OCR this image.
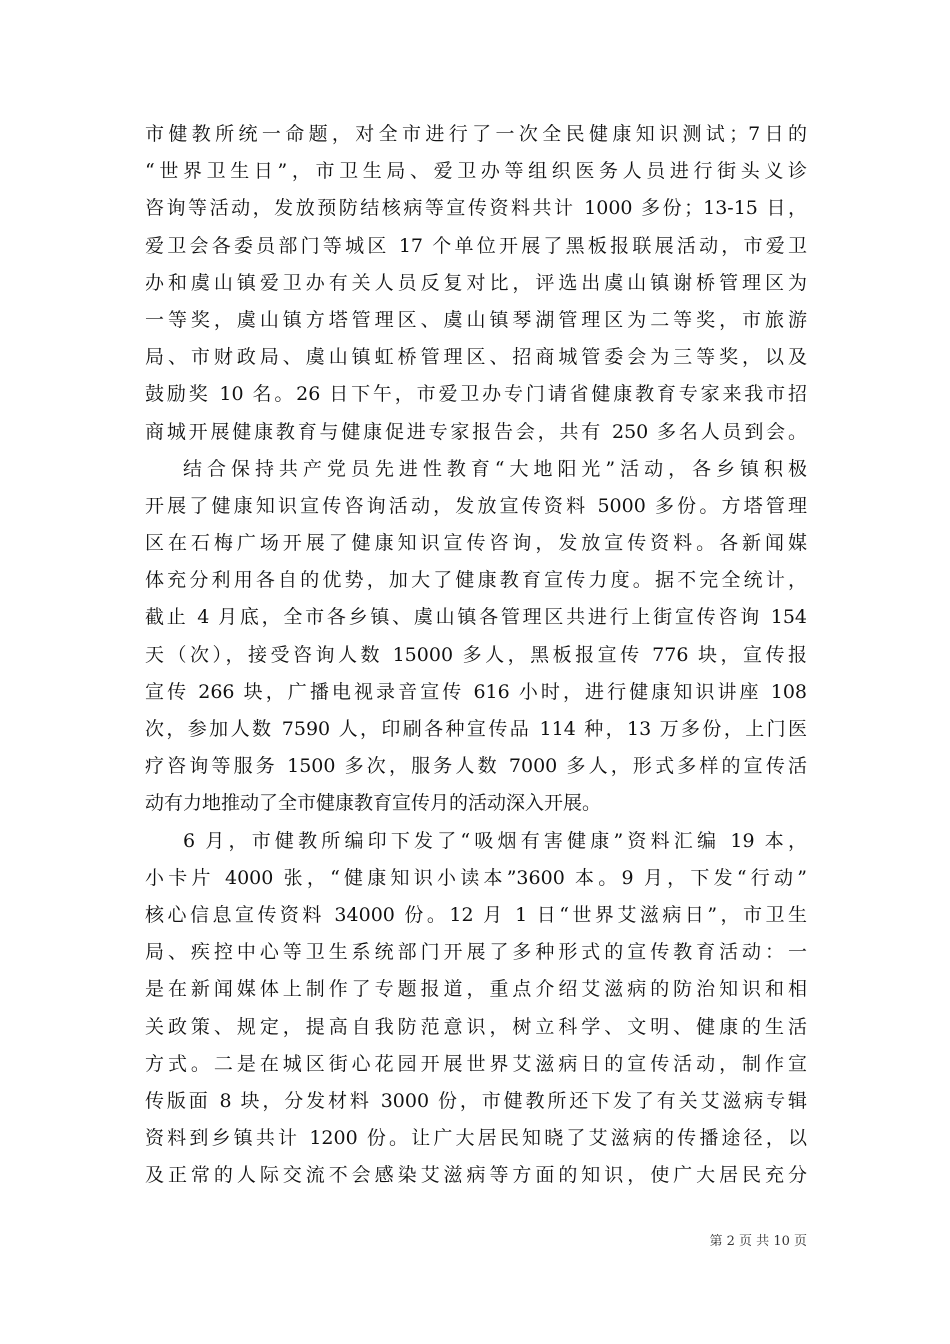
市健教所统一命题，对全市进行了一次全民健康知识测试；7日的
“世界卫生日”，市卫生局、爱卫办等组织医务人员进行街头义诊
咨询等活动，发放预防结核病等宣传资料共计 1000 多份；13-15 日，
爱卫会各委员部门等城区 17 个单位开展了黑板报联展活动，市爱卫
办和虞山镇爱卫办有关人员反复对比，评选出虞山镇谢桥管理区为
一等奖，虞山镇方塔管理区、虞山镇琴湖管理区为二等奖，市旅游
局、市财政局、虞山镇虹桥管理区、招商城管委会为三等奖，以及
鼓励奖 10 名。26 日下午，市爱卫办专门请省健康教育专家来我市招
商城开展健康教育与健康促进专家报告会，共有 250 多名人员到会。
结合保持共产党员先进性教育“大地阳光”活动，各乡镇积极
开展了健康知识宣传咨询活动，发放宣传资料 5000 多份。方塔管理
区在石梅广场开展了健康知识宣传咨询，发放宣传资料。各新闻媒
体充分利用各自的优势，加大了健康教育宣传力度。据不完全统计，
截止 4 月底，全市各乡镇、虞山镇各管理区共进行上街宣传咨询 154
天（次），接受咨询人数 15000 多人，黑板报宣传 776 块，宣传报
宣传 266 块，广播电视录音宣传 616 小时，进行健康知识讲座 108
次，参加人数 7590 人，印刷各种宣传品 114 种，13 万多份，上门医
疗咨询等服务 1500 多次，服务人数 7000 多人，形式多样的宣传活
动有力地推动了全市健康教育宣传月的活动深入开展。
6 月，市健教所编印下发了“吸烟有害健康”资料汇编 19 本，
小卡片 4000 张，“健康知识小读本”3600 本。9 月，下发“行动”
核心信息宣传资料 34000 份。12 月 1 日“世界艾滋病日”，市卫生
局、疾控中心等卫生系统部门开展了多种形式的宣传教育活动：一
是在新闻媒体上制作了专题报道，重点介绍艾滋病的防治知识和相
关政策、规定，提高自我防范意识，树立科学、文明、健康的生活
方式。二是在城区街心花园开展世界艾滋病日的宣传活动，制作宣
传版面 8 块，分发材料 3000 份，市健教所还下发了有关艾滋病专辑
资料到乡镇共计 1200 份。让广大居民知晓了艾滋病的传播途径，以
及正常的人际交流不会感染艾滋病等方面的知识，使广大居民充分
第 2 页 共 10 页
